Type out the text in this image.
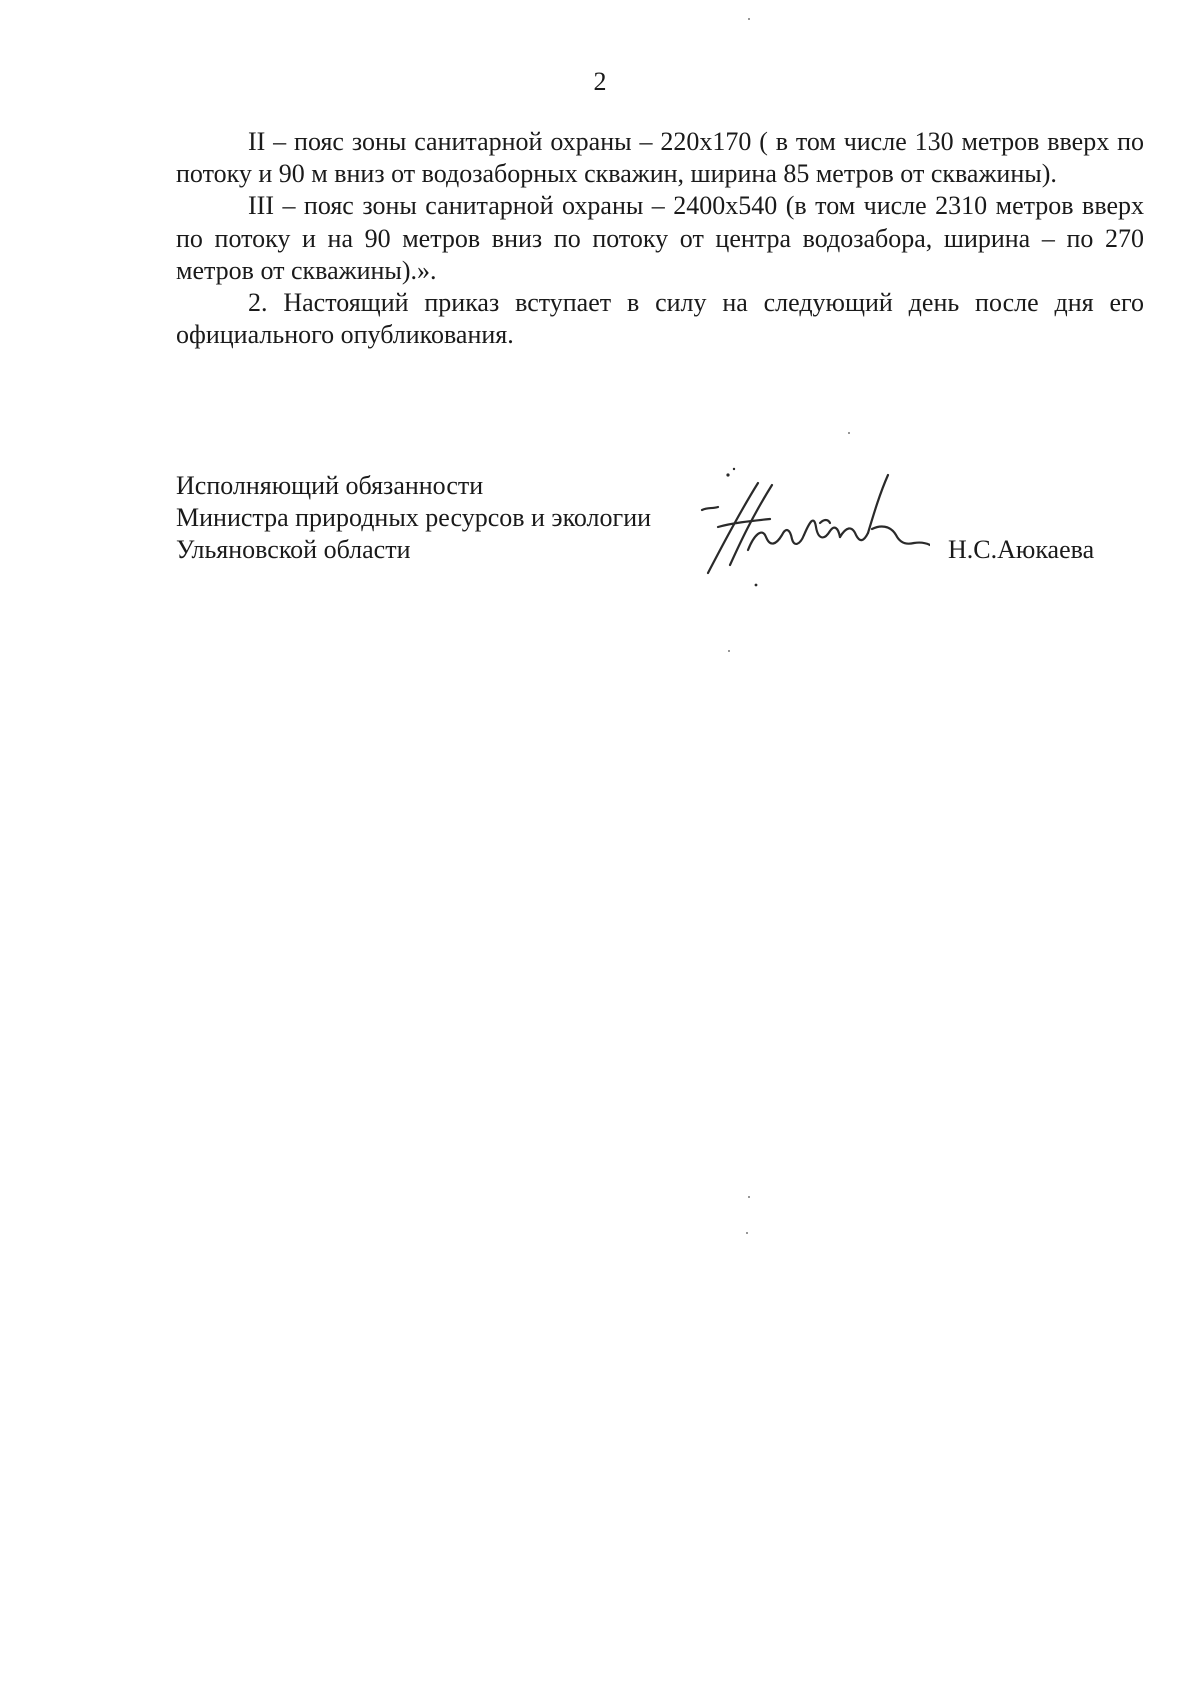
2

II – пояс зоны санитарной охраны – 220х170 ( в том числе 130 метров вверх по потоку и 90 м вниз от водозаборных скважин, ширина 85 метров от скважины).

III – пояс зоны санитарной охраны – 2400х540 (в том числе 2310 метров вверх по потоку и на 90 метров вниз по потоку от центра водозабора, ширина – по 270 метров от скважины).».

2. Настоящий приказ вступает в силу на следующий день после дня его официального опубликования.

Исполняющий обязанности
Министра природных ресурсов и экологии
Ульяновской области	Н.С.Аюкаева
